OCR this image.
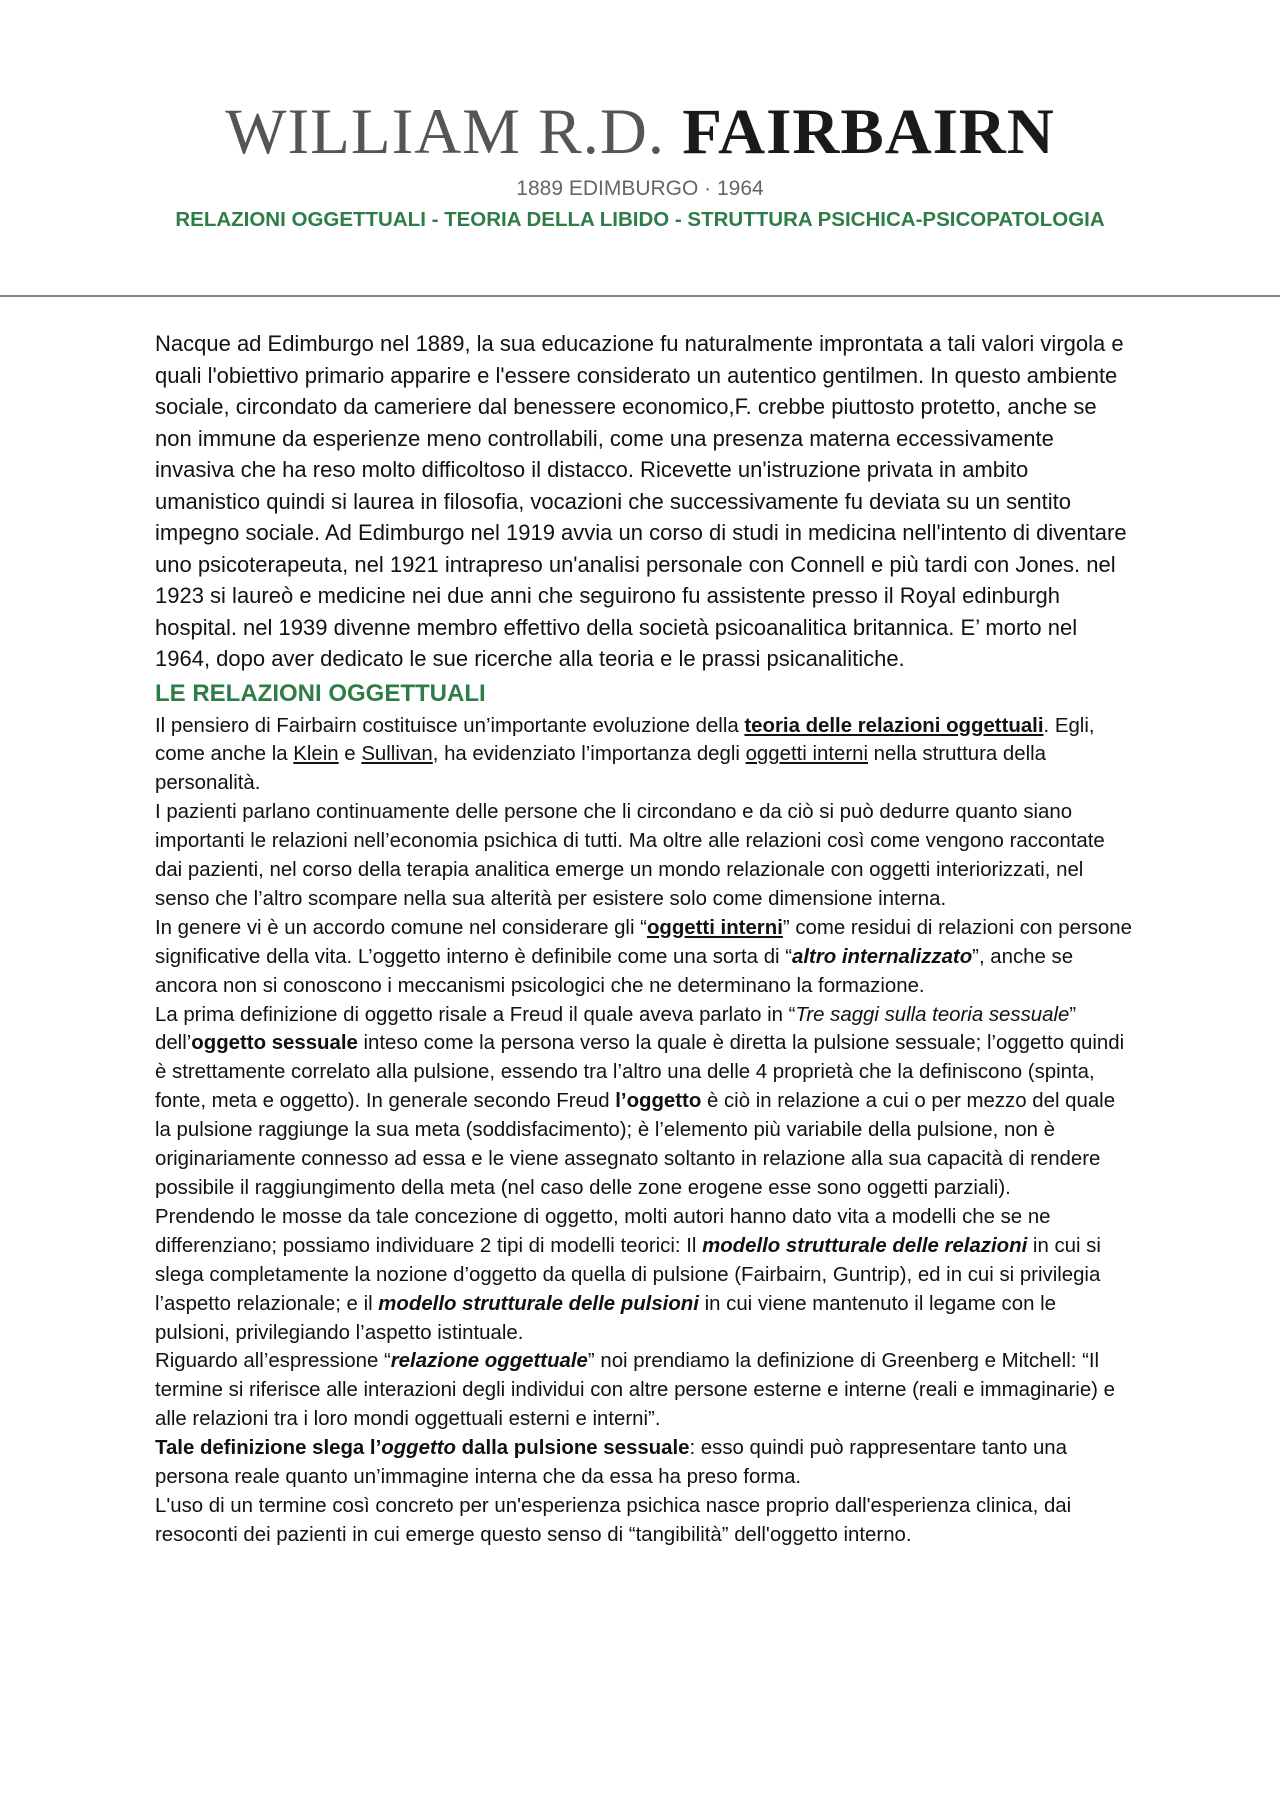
WILLIAM R.D. FAIRBAIRN
1889 EDIMBURGO · 1964
RELAZIONI OGGETTUALI - TEORIA DELLA LIBIDO - STRUTTURA PSICHICA-PSICOPATOLOGIA

Nacque ad Edimburgo nel 1889, la sua educazione fu naturalmente improntata a tali valori virgola e quali l'obiettivo primario apparire e l'essere considerato un autentico gentilmen. In questo ambiente sociale, circondato da cameriere dal benessere economico,F. crebbe piuttosto protetto, anche se non immune da esperienze meno controllabili, come una presenza materna eccessivamente invasiva che ha reso molto difficoltoso il distacco. Ricevette un'istruzione privata in ambito umanistico quindi si laurea in filosofia, vocazioni che successivamente fu deviata su un sentito impegno sociale. Ad Edimburgo nel 1919 avvia un corso di studi in medicina nell'intento di diventare uno psicoterapeuta, nel 1921 intrapreso un'analisi personale con Connell e più tardi con Jones. nel 1923 si laureò e medicine nei due anni che seguirono fu assistente presso il Royal edinburgh hospital. nel 1939 divenne membro effettivo della società psicoanalitica britannica. E’ morto nel 1964, dopo aver dedicato le sue ricerche alla teoria e le prassi psicanalitiche.

LE RELAZIONI OGGETTUALI

Il pensiero di Fairbairn costituisce un’importante evoluzione della teoria delle relazioni oggettuali. Egli, come anche la Klein e Sullivan, ha evidenziato l’importanza degli oggetti interni nella struttura della personalità.

I pazienti parlano continuamente delle persone che li circondano e da ciò si può dedurre quanto siano importanti le relazioni nell’economia psichica di tutti. Ma oltre alle relazioni così come vengono raccontate dai pazienti, nel corso della terapia analitica emerge un mondo relazionale con oggetti interiorizzati, nel senso che l’altro scompare nella sua alterità per esistere solo come dimensione interna.

In genere vi è un accordo comune nel considerare gli “oggetti interni” come residui di relazioni con persone significative della vita. L’oggetto interno è definibile come una sorta di “altro internalizzato”, anche se ancora non si conoscono i meccanismi psicologici che ne determinano la formazione.

La prima definizione di oggetto risale a Freud il quale aveva parlato in “Tre saggi sulla teoria sessuale” dell’oggetto sessuale inteso come la persona verso la quale è diretta la pulsione sessuale; l’oggetto quindi è strettamente correlato alla pulsione, essendo tra l’altro una delle 4 proprietà che la definiscono (spinta, fonte, meta e oggetto). In generale secondo Freud l’oggetto è ciò in relazione a cui o per mezzo del quale la pulsione raggiunge la sua meta (soddisfacimento); è l’elemento più variabile della pulsione, non è originariamente connesso ad essa e le viene assegnato soltanto in relazione alla sua capacità di rendere possibile il raggiungimento della meta (nel caso delle zone erogene esse sono oggetti parziali).

Prendendo le mosse da tale concezione di oggetto, molti autori hanno dato vita a modelli che se ne differenziano; possiamo individuare 2 tipi di modelli teorici: Il modello strutturale delle relazioni in cui si slega completamente la nozione d’oggetto da quella di pulsione (Fairbairn, Guntrip), ed in cui si privilegia l’aspetto relazionale; e il modello strutturale delle pulsioni in cui viene mantenuto il legame con le pulsioni, privilegiando l’aspetto istintuale.

Riguardo all’espressione “relazione oggettuale” noi prendiamo la definizione di Greenberg e Mitchell: “Il termine si riferisce alle interazioni degli individui con altre persone esterne e interne (reali e immaginarie) e alle relazioni tra i loro mondi oggettuali esterni e interni”.

Tale definizione slega l’oggetto dalla pulsione sessuale: esso quindi può rappresentare tanto una persona reale quanto un’immagine interna che da essa ha preso forma.

L'uso di un termine così concreto per un'esperienza psichica nasce proprio dall'esperienza clinica, dai resoconti dei pazienti in cui emerge questo senso di “tangibilità” dell'oggetto interno.
